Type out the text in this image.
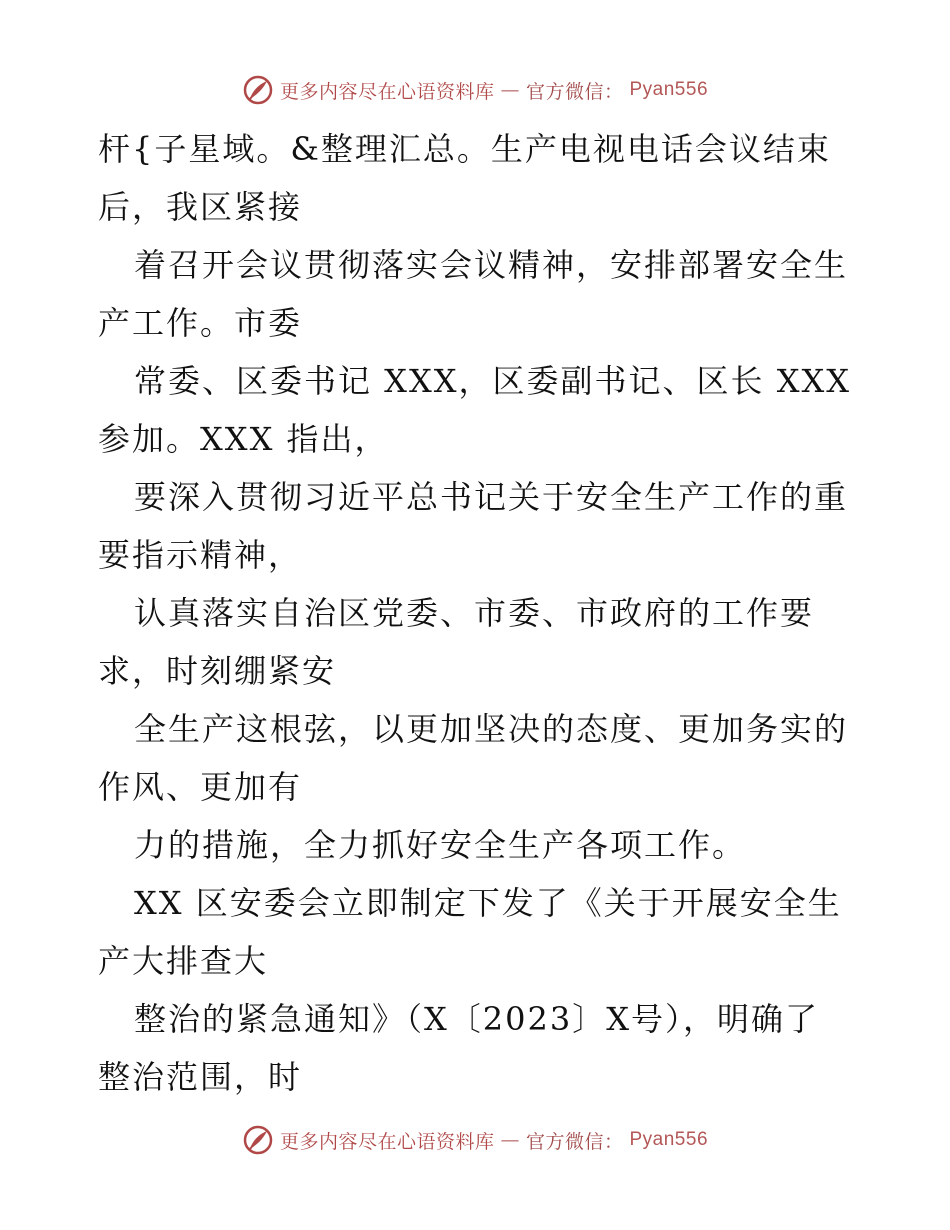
更多内容尽在心语资料库 — 官方微信： Pyan556
杆{子星域。&整理汇总。生产电视电话会议结束
后，我区紧接
着召开会议贯彻落实会议精神，安排部署安全生
产工作。市委
常委、区委书记 XXX，区委副书记、区长 XXX
参加。XXX 指出，
要深入贯彻习近平总书记关于安全生产工作的重
要指示精神，
认真落实自治区党委、市委、市政府的工作要
求，时刻绷紧安
全生产这根弦，以更加坚决的态度、更加务实的
作风、更加有
力的措施，全力抓好安全生产各项工作。
XX 区安委会立即制定下发了《关于开展安全生
产大排查大
整治的紧急通知》（X〔2023〕X号），明确了
整治范围，时
更多内容尽在心语资料库 — 官方微信： Pyan556
